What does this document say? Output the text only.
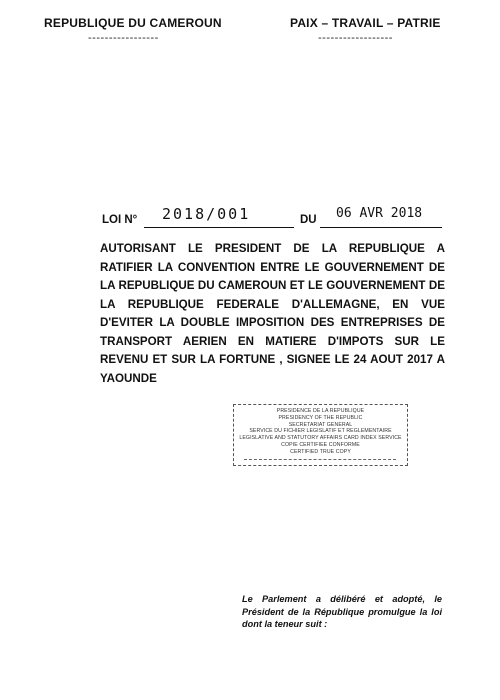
REPUBLIQUE DU CAMEROUN
-----------------
PAIX – TRAVAIL – PATRIE
------------------
LOI N° 2018/001	DU 06 AVR 2018
AUTORISANT LE PRESIDENT DE LA REPUBLIQUE A RATIFIER LA CONVENTION ENTRE LE GOUVERNEMENT DE LA REPUBLIQUE DU CAMEROUN ET LE GOUVERNEMENT DE LA REPUBLIQUE FEDERALE D'ALLEMAGNE, EN VUE D'EVITER LA DOUBLE IMPOSITION DES ENTREPRISES DE TRANSPORT AERIEN EN MATIERE D'IMPOTS SUR LE REVENU ET SUR LA FORTUNE , SIGNEE LE 24 AOUT 2017 A YAOUNDE
PRESIDENCE DE LA REPUBLIQUE
PRESIDENCY OF THE REPUBLIC
SECRETARIAT GENERAL
SERVICE DU FICHIER LEGISLATIF ET REGLEMENTAIRE
LEGISLATIVE AND STATUTORY AFFAIRS CARD INDEX SERVICE
COPIE CERTIFIEE CONFORME
CERTIFIED TRUE COPY
Le Parlement a délibéré et adopté, le Président de la République promulgue la loi dont la teneur suit :
